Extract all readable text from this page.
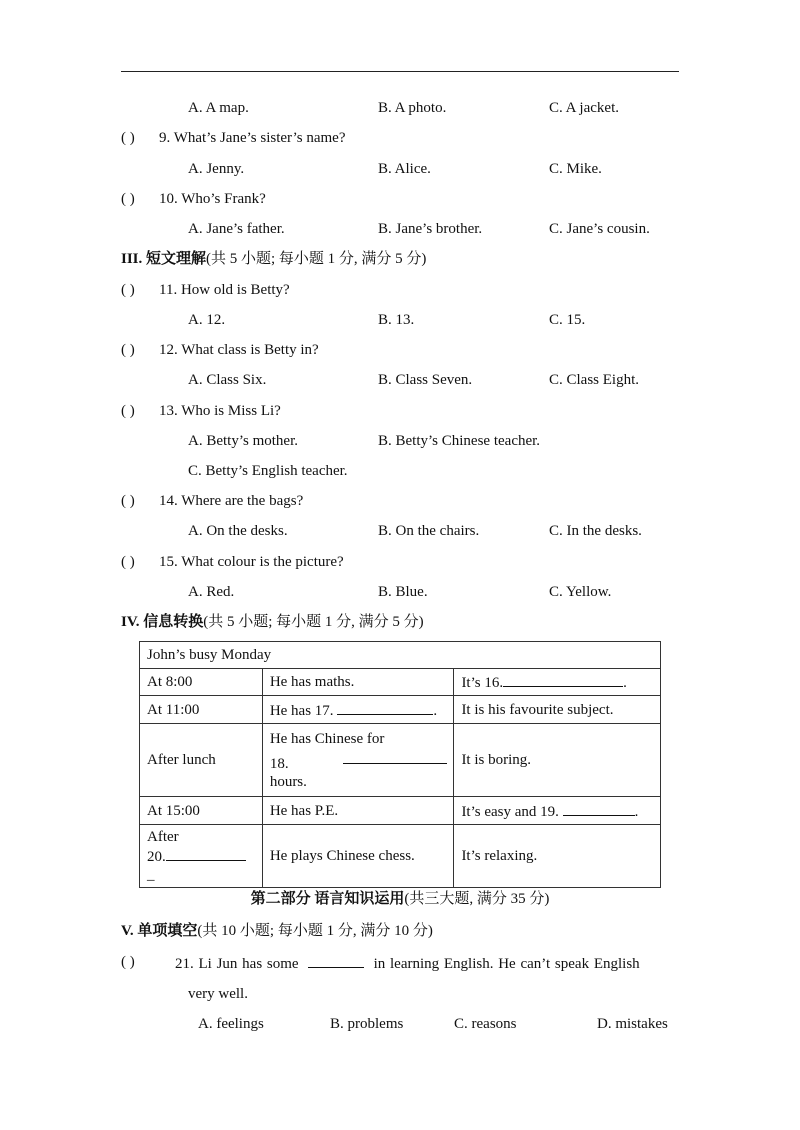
A. A map.	B. A photo.	C. A jacket.
( ) 9. What’s Jane’s sister’s name?
A. Jenny.	B. Alice.	C. Mike.
( ) 10. Who’s Frank?
A. Jane’s father.	B. Jane’s brother.	C. Jane’s cousin.
III. 短文理解(共 5 小题; 每小题 1 分, 满分 5 分)
( ) 11. How old is Betty?
A. 12.	B. 13.	C. 15.
( ) 12. What class is Betty in?
A. Class Six.	B. Class Seven.	C. Class Eight.
( ) 13. Who is Miss Li?
A. Betty’s mother.	B. Betty’s Chinese teacher.
C. Betty’s English teacher.
( ) 14. Where are the bags?
A. On the desks.	B. On the chairs.	C. In the desks.
( ) 15. What colour is the picture?
A. Red.	B. Blue.	C. Yellow.
IV. 信息转换(共 5 小题; 每小题 1 分, 满分 5 分)
John’s busy Monday		
At 8:00	He has maths.	It’s 16. .
At 11:00	He has 17. .	It is his favourite subject.
After lunch	He has Chinese for
18.
hours.	It is boring.
At 15:00	He has P.E.	It’s easy and 19. .

After
20.
_	He plays Chinese chess.	It’s relaxing.
第二部分 语言知识运用(共三大题, 满分 35 分)
V. 单项填空(共 10 小题; 每小题 1 分, 满分 10 分)
( )	21. Li Jun has some	in learning English. He can’t speak English
very well.
A. feelings	B. problems	C. reasons	D. mistakes
